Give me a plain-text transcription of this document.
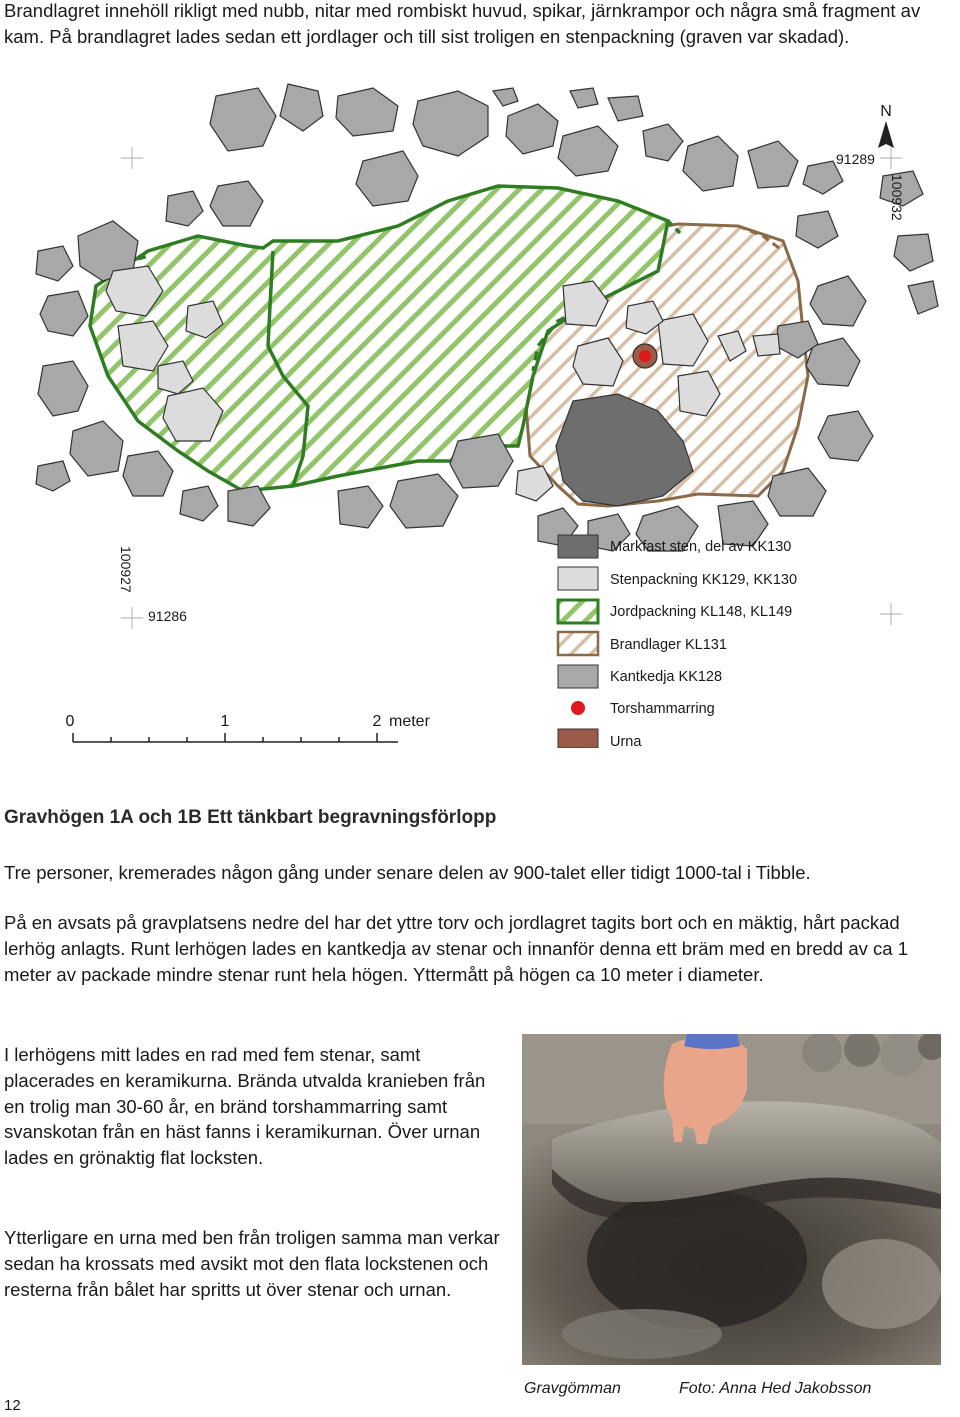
Brandlagret innehöll rikligt med nubb, nitar med rombiskt huvud, spikar, järnkrampor och några små fragment av kam. På brandlagret lades sedan ett jordlager och till sist troligen en stenpackning (graven var skadad).

N
91289
100932
100927
91286
0	1	2 meter
Markfast sten, del av KK130
Stenpackning KK129, KK130
Jordpackning KL148, KL149
Brandlager KL131
Kantkedja KK128
Torshammarring
Urna
Gravhögen 1A och 1B Ett tänkbart begravningsförlopp

Tre personer, kremerades någon gång under senare delen av 900-talet eller tidigt 1000-tal i Tibble.

På en avsats på gravplatsens nedre del har det yttre torv och jordlagret tagits bort och en mäktig, hårt packad lerhög anlagts. Runt lerhögen lades en kantkedja av stenar och innanför denna ett bräm med en bredd av ca 1 meter av packade mindre stenar runt hela högen. Yttermått på högen ca 10 meter i diameter.

I lerhögens mitt lades en rad med fem stenar, samt placerades en keramikurna. Brända utvalda kranieben från en trolig man 30-60 år, en bränd torshammarring samt svanskotan från en häst fanns i keramikurnan. Över urnan lades en grönaktig flat locksten.

Ytterligare en urna med ben från troligen samma man verkar sedan ha krossats med avsikt mot den flata lockstenen och resterna från bålet har spritts ut över stenar och urnan.

Gravgömman	Foto: Anna Hed Jakobsson
12
